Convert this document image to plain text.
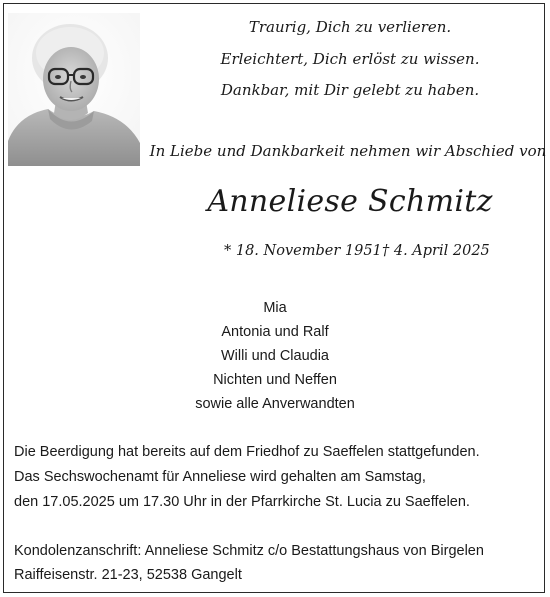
Traurig, Dich zu verlieren.
Erleichtert, Dich erlöst zu wissen.
Dankbar, mit Dir gelebt zu haben.
In Liebe und Dankbarkeit nehmen wir Abschied von
Anneliese Schmitz
* 18. November 1951 † 4. April 2025
Mia
Antonia und Ralf
Willi und Claudia
Nichten und Neffen
sowie alle Anverwandten
Die Beerdigung hat bereits auf dem Friedhof zu Saeffelen stattgefunden.
Das Sechswochenamt für Anneliese wird gehalten am Samstag,
den 17.05.2025 um 17.30 Uhr in der Pfarrkirche St. Lucia zu Saeffelen.
Kondolenzanschrift: Anneliese Schmitz c/o Bestattungshaus von Birgelen
Raiffeisenstr. 21-23, 52538 Gangelt
